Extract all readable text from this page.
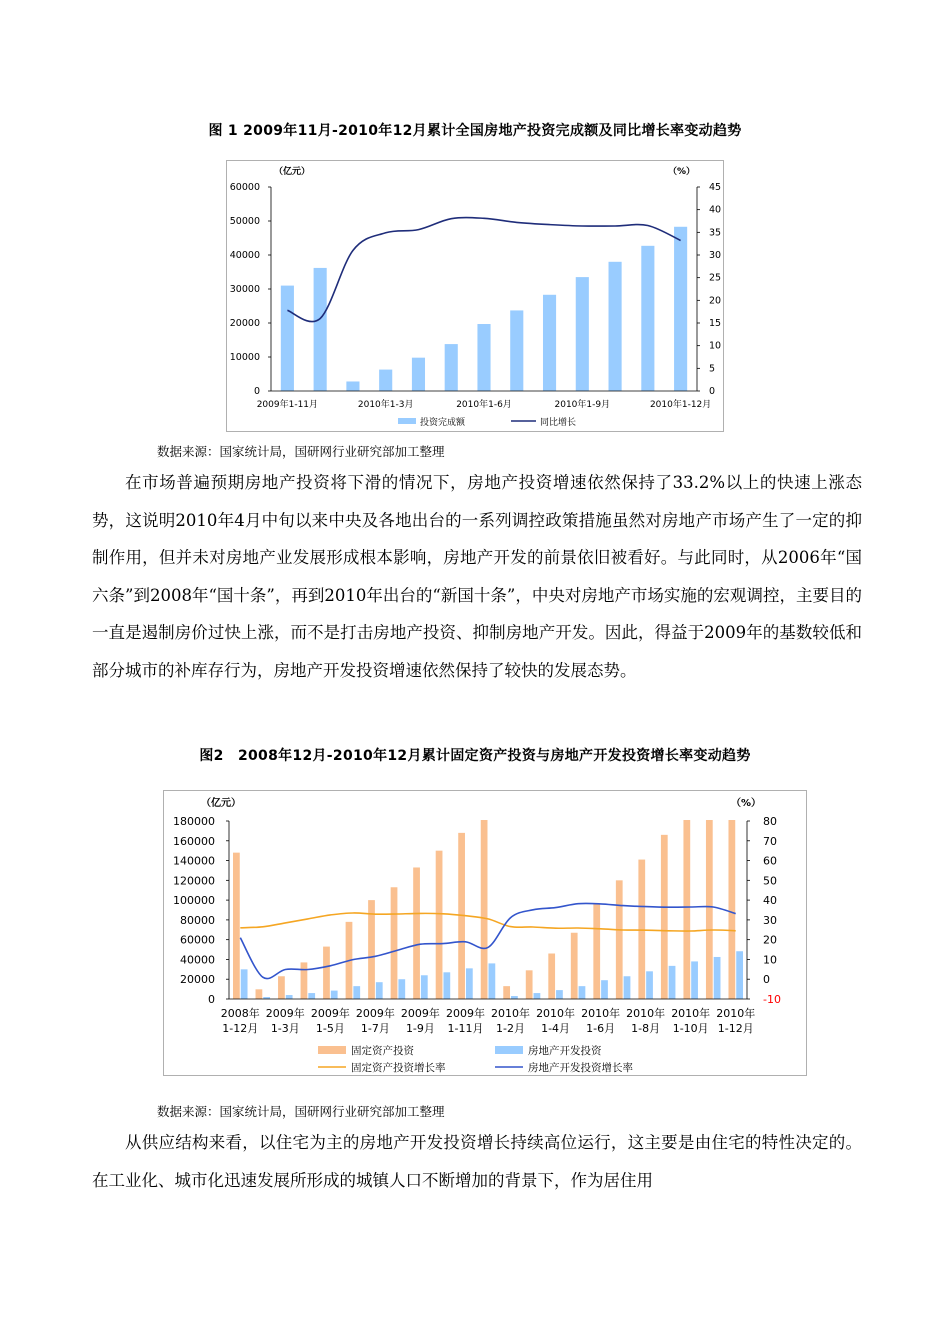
图 1 2009年11月-2010年12月累计全国房地产投资完成额及同比增长率变动趋势
（亿元）	（%）
0
10000
20000
30000
40000
50000
60000
0
5
10
15
20
25
30
35
40
45
2009年1-11月	2010年1-3月	2010年1-6月	2010年1-9月	2010年1-12月
投资完成额	同比增长
数据来源：国家统计局，国研网行业研究部加工整理

在市场普遍预期房地产投资将下滑的情况下，房地产投资增速依然保持了33.2%以上的快速上涨态势，这说明2010年4月中旬以来中央及各地出台的一系列调控政策措施虽然对房地产市场产生了一定的抑制作用，但并未对房地产业发展形成根本影响，房地产开发的前景依旧被看好。与此同时，从2006年“国六条”到2008年“国十条”，再到2010年出台的“新国十条”，中央对房地产市场实施的宏观调控，主要目的一直是遏制房价过快上涨，而不是打击房地产投资、抑制房地产开发。因此，得益于2009年的基数较低和部分城市的补库存行为，房地产开发投资增速依然保持了较快的发展态势。

图2　2008年12月-2010年12月累计固定资产投资与房地产开发投资增长率变动趋势
（亿元）	（%）
0
20000
40000
60000
80000
100000
120000
140000
160000
180000
-10
0
10
20
30
40
50
60
70
80
2008年
1-12月
2009年
1-3月
2009年
1-5月
2009年
1-7月
2009年
1-9月
2009年
1-11月
2010年
1-2月
2010年
1-4月
2010年
1-6月
2010年
1-8月
2010年
1-10月
2010年
1-12月
固定资产投资	房地产开发投资
固定资产投资增长率	房地产开发投资增长率
数据来源：国家统计局，国研网行业研究部加工整理

从供应结构来看，以住宅为主的房地产开发投资增长持续高位运行，这主要是由住宅的特性决定的。在工业化、城市化迅速发展所形成的城镇人口不断增加的背景下，作为居住用
